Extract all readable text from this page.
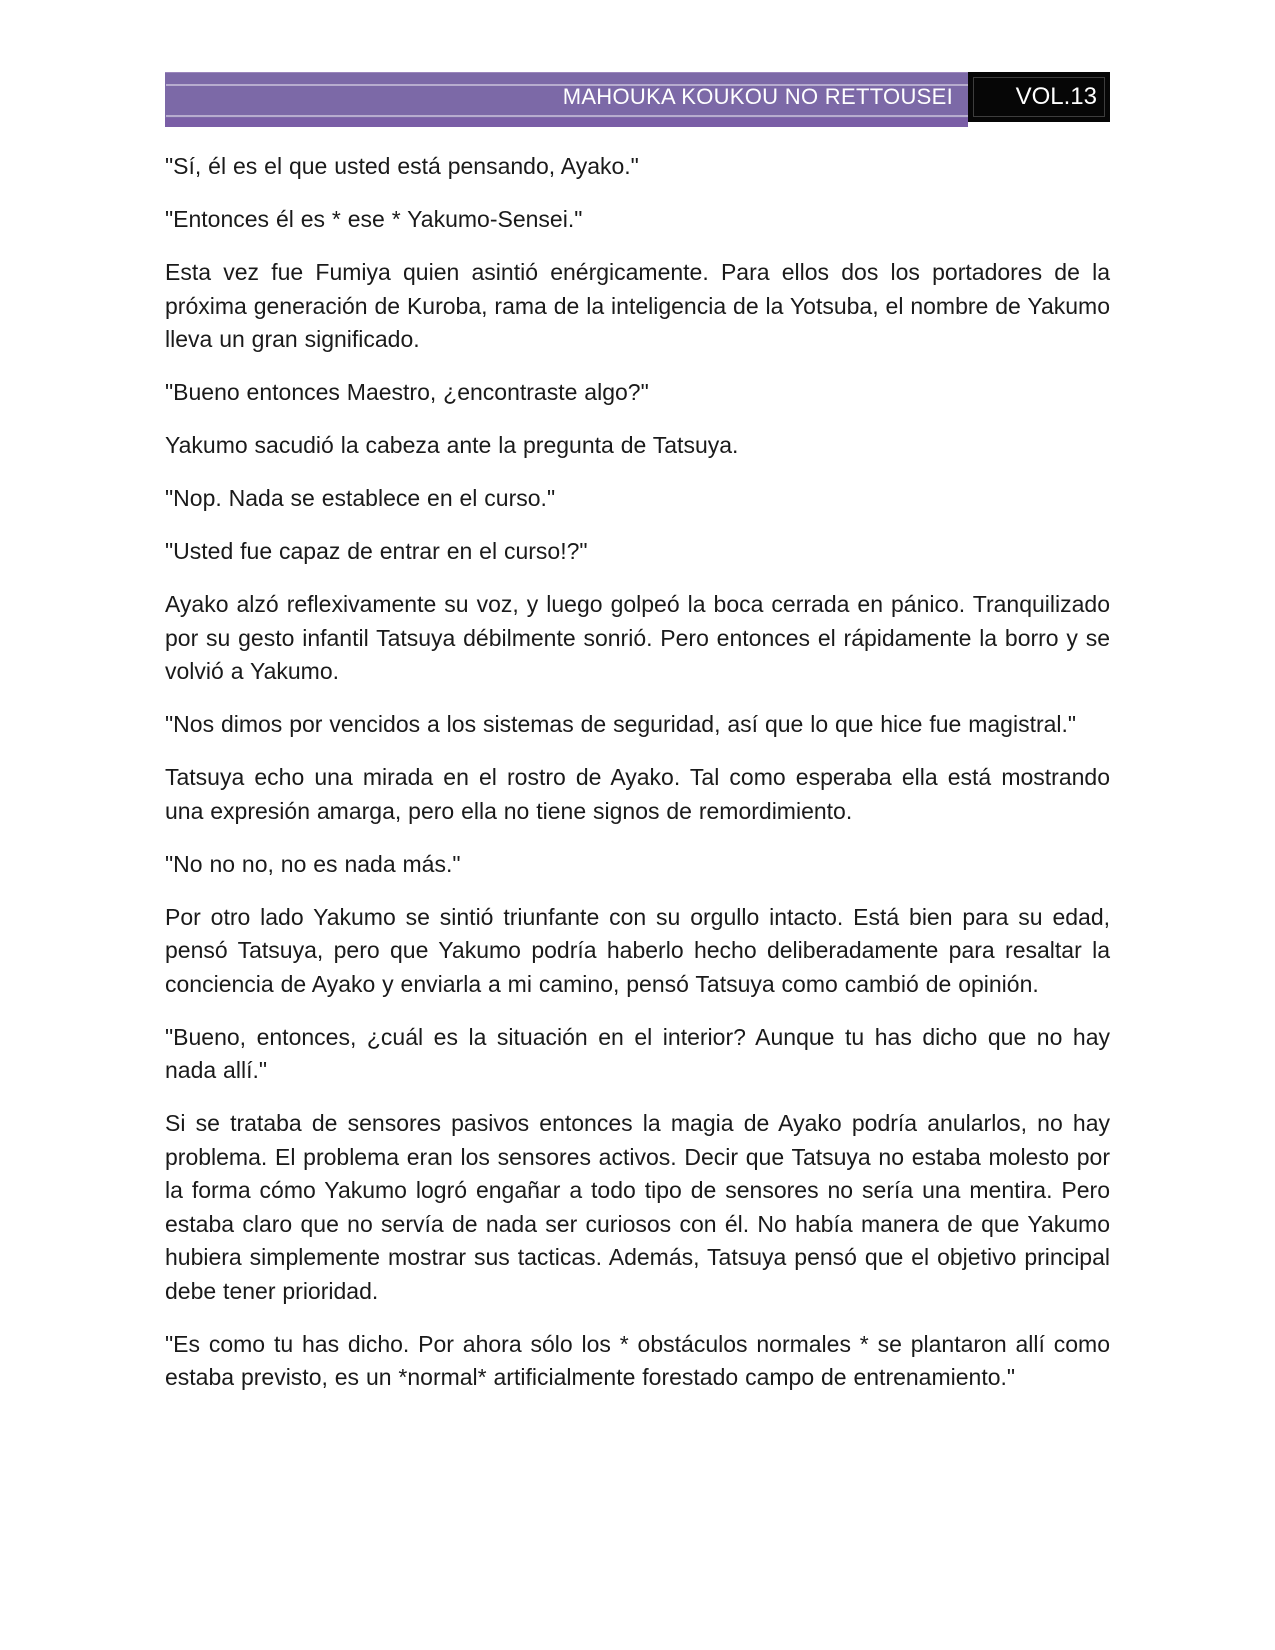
MAHOUKA KOUKOU NO RETTOUSEI	VOL.13

"Sí, él es el que usted está pensando, Ayako."

"Entonces él es * ese * Yakumo-Sensei."

Esta vez fue Fumiya quien asintió enérgicamente. Para ellos dos los portadores de la próxima generación de Kuroba, rama de la inteligencia de la Yotsuba, el nombre de Yakumo lleva un gran significado.

"Bueno entonces Maestro, ¿encontraste algo?"

Yakumo sacudió la cabeza ante la pregunta de Tatsuya.

"Nop. Nada se establece en el curso."

"Usted fue capaz de entrar en el curso!?"

Ayako alzó reflexivamente su voz, y luego golpeó la boca cerrada en pánico. Tranquilizado por su gesto infantil Tatsuya débilmente sonrió. Pero entonces el rápidamente la borro y se volvió a Yakumo.

"Nos dimos por vencidos a los sistemas de seguridad, así que lo que hice fue magistral."

Tatsuya echo una mirada en el rostro de Ayako. Tal como esperaba ella está mostrando una expresión amarga, pero ella no tiene signos de remordimiento.

"No no no, no es nada más."

Por otro lado Yakumo se sintió triunfante con su orgullo intacto. Está bien para su edad, pensó Tatsuya, pero que Yakumo podría haberlo hecho deliberadamente para resaltar la conciencia de Ayako y enviarla a mi camino, pensó Tatsuya como cambió de opinión.

"Bueno, entonces, ¿cuál es la situación en el interior? Aunque tu has dicho que no hay nada allí."

Si se trataba de sensores pasivos entonces la magia de Ayako podría anularlos, no hay problema. El problema eran los sensores activos. Decir que Tatsuya no estaba molesto por la forma cómo Yakumo logró engañar a todo tipo de sensores no sería una mentira. Pero estaba claro que no servía de nada ser curiosos con él. No había manera de que Yakumo hubiera simplemente mostrar sus tacticas. Además, Tatsuya pensó que el objetivo principal debe tener prioridad.

"Es como tu has dicho. Por ahora sólo los * obstáculos normales * se plantaron allí como estaba previsto, es un *normal* artificialmente forestado campo de entrenamiento."
